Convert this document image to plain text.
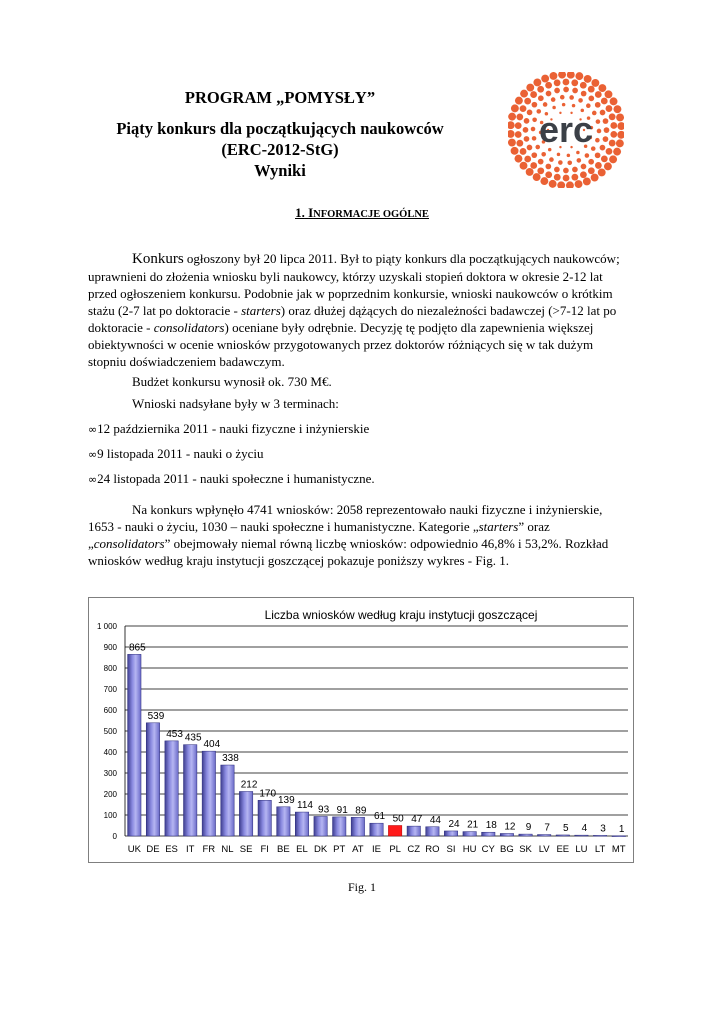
PROGRAM „POMYSŁY”
Piąty konkurs dla początkujących naukowców
(ERC-2012-StG)
Wyniki
erc
1. INFORMACJE OGÓLNE
Konkurs ogłoszony był 20 lipca 2011. Był to piąty konkurs dla początkujących naukowców;
uprawnieni do złożenia wniosku byli naukowcy, którzy uzyskali stopień doktora w okresie 2-12 lat
przed ogłoszeniem konkursu. Podobnie jak w poprzednim konkursie, wnioski naukowców o krótkim
stażu (2-7 lat po doktoracie - starters) oraz dłużej dążących do niezależności badawczej (>7-12 lat po
doktoracie - consolidators) oceniane były odrębnie. Decyzję tę podjęto dla zapewnienia większej
obiektywności w ocenie wniosków przygotowanych przez doktorów różniących się w tak dużym
stopniu doświadczeniem badawczym.
Budżet konkursu wynosił ok. 730 M€.
Wnioski nadsyłane były w 3 terminach:
∞12 października 2011 - nauki fizyczne i inżynierskie
∞9 listopada 2011 - nauki o życiu
∞24 listopada 2011 - nauki społeczne i humanistyczne.
Na konkurs wpłynęło 4741 wniosków: 2058 reprezentowało nauki fizyczne i inżynierskie,
1653 - nauki o życiu, 1030 – nauki społeczne i humanistyczne. Kategorie „starters” oraz
„consolidators” obejmowały niemal równą liczbę wniosków: odpowiednio 46,8% i 53,2%. Rozkład
wniosków według kraju instytucji goszczącej pokazuje poniższy wykres - Fig. 1.
Liczba wniosków według kraju instytucji goszczącej
865
UK
539
DE
453
ES
435
IT
404
FR
338
NL
212
SE
170
FI
139
BE
114
EL
93
DK
91
PT
89
AT
61
IE
50
PL
47
CZ
44
RO
24
SI
21
HU
18
CY
12
BG
9
SK
7
LV
5
EE
4
LU
3
LT
1
MT
0
100
200
300
400
500
600
700
800
900
1 000
Fig. 1
